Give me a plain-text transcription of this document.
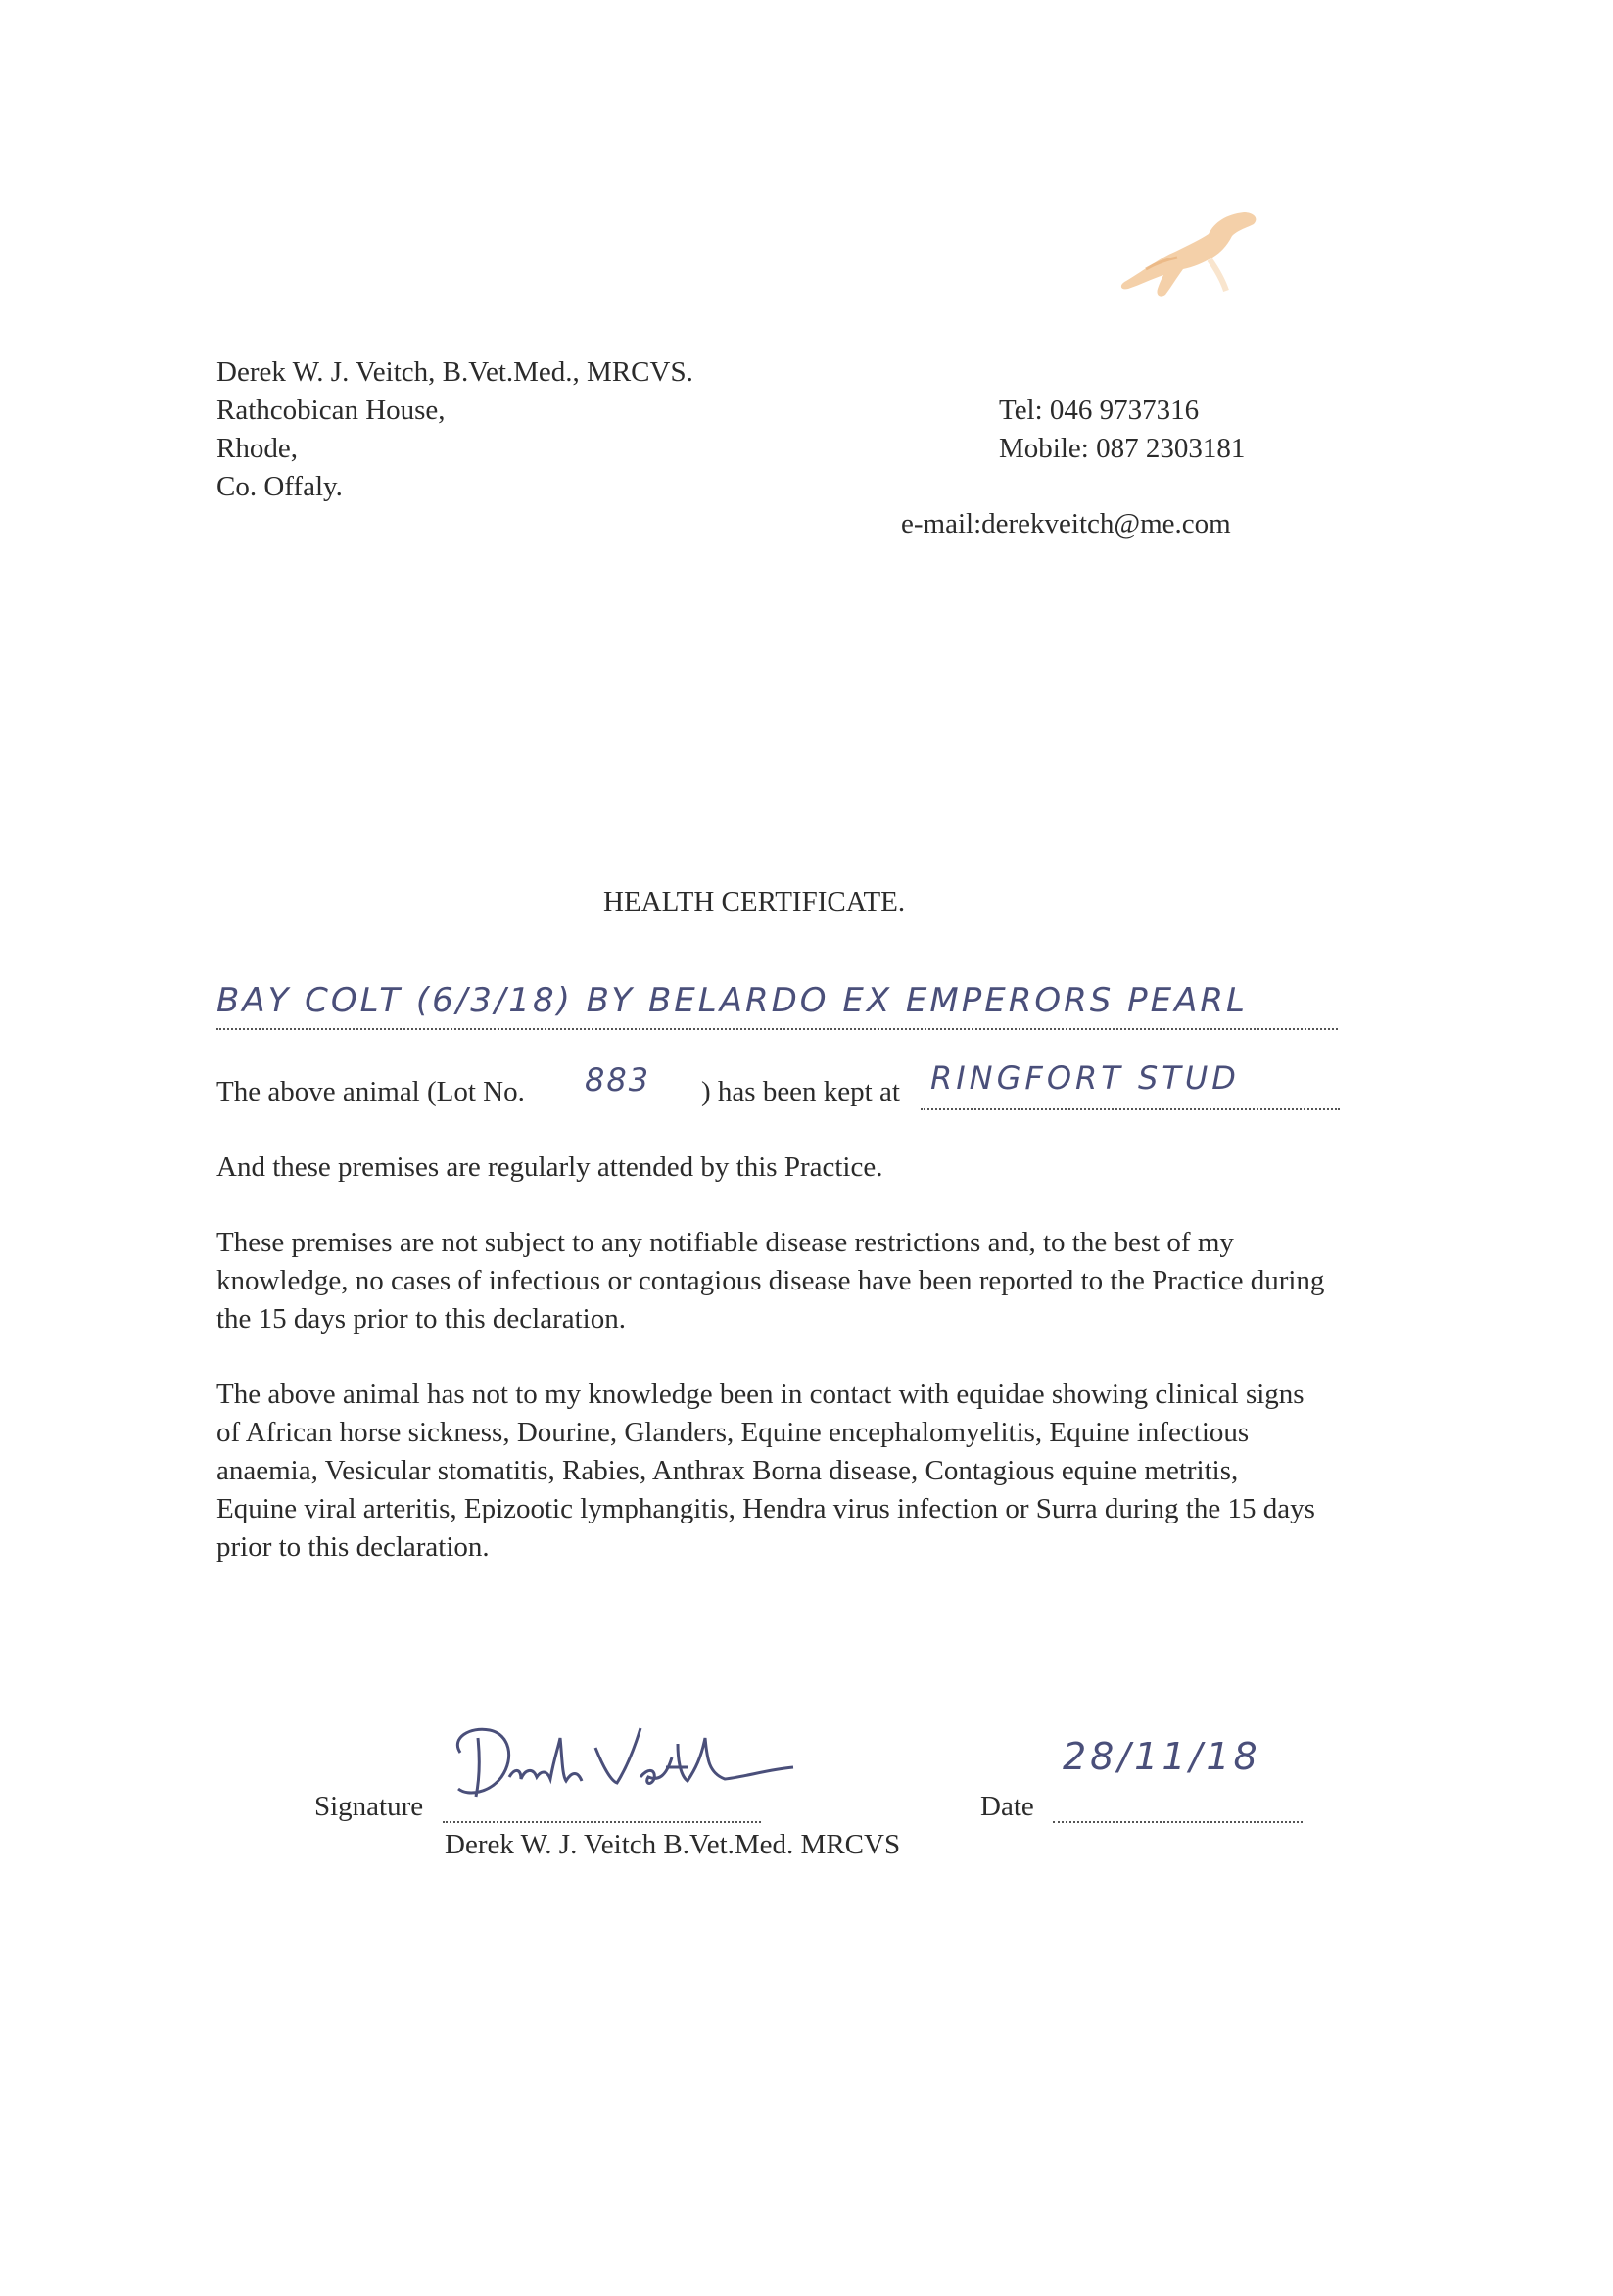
Derek W. J. Veitch, B.Vet.Med., MRCVS.
Rathcobican House,
Rhode,
Co. Offaly.
Tel: 046 9737316
Mobile: 087 2303181
e-mail:derekveitch@me.com
HEALTH CERTIFICATE.
BAY COLT (6/3/18) BY BELARDO EX EMPERORS PEARL
The above animal (Lot No. 883 ) has been kept at RINGFORT STUD
And these premises are regularly attended by this Practice.
These premises are not subject to any notifiable disease restrictions and, to the best of my knowledge, no cases of infectious or contagious disease have been reported to the Practice during the 15 days prior to this declaration.
The above animal has not to my knowledge been in contact with equidae showing clinical signs of African horse sickness, Dourine, Glanders, Equine encephalomyelitis, Equine infectious anaemia, Vesicular stomatitis, Rabies, Anthrax Borna disease, Contagious equine metritis, Equine viral arteritis, Epizootic lymphangitis, Hendra virus infection or Surra during the 15 days prior to this declaration.
Signature	Date
28/11/18
Derek W. J. Veitch B.Vet.Med. MRCVS
